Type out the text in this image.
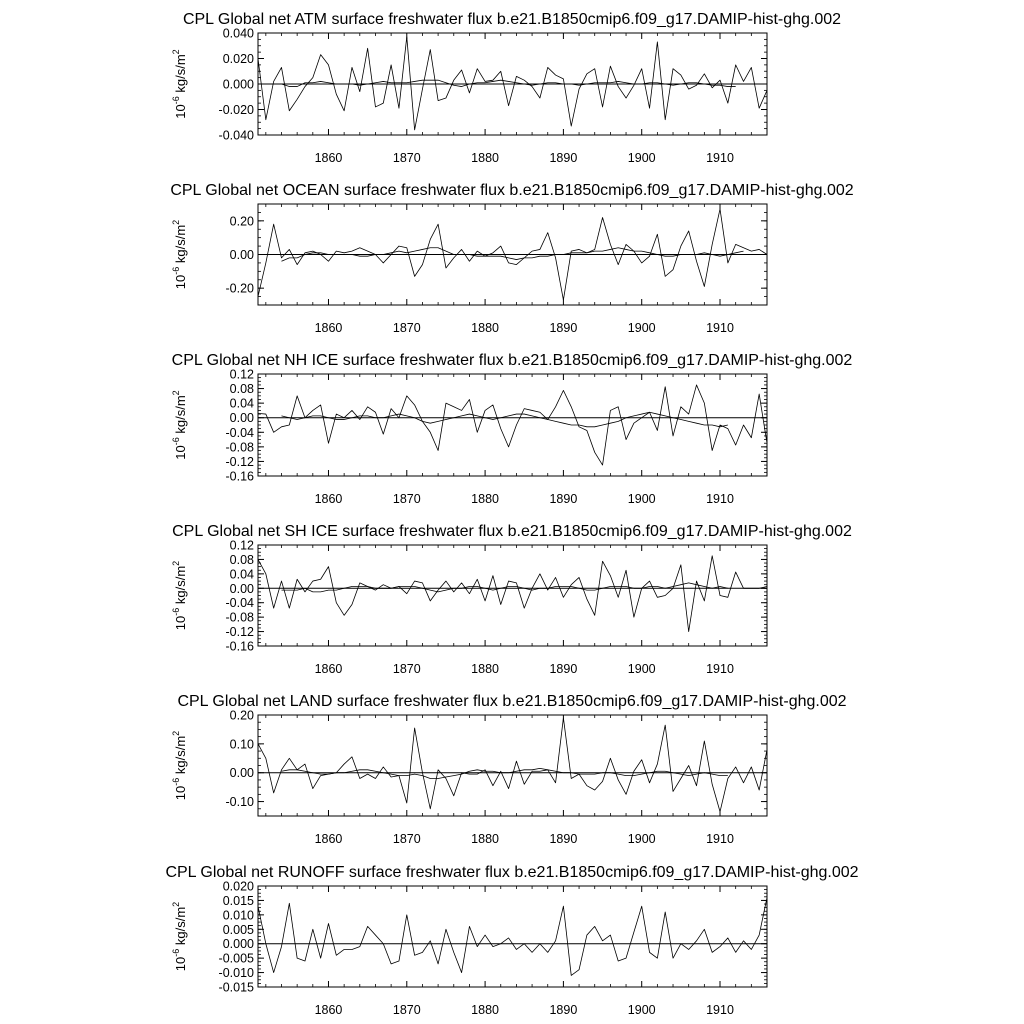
CPL Global net ATM surface freshwater flux b.e21.B1850cmip6.f09_g17.DAMIP-hist-ghg.002
$10^{-6}$ $kg/s/m^2$
-0.040
-0.020
0.000
0.020
0.040
1860	1870	1880	1890	1900	1910
CPL Global net OCEAN surface freshwater flux b.e21.B1850cmip6.f09_g17.DAMIP-hist-ghg.002
$10^{-6}$ $kg/s/m^2$
-0.20
0.00
0.20
1860	1870	1880	1890	1900	1910
CPL Global net NH ICE surface freshwater flux b.e21.B1850cmip6.f09_g17.DAMIP-hist-ghg.002
$10^{-6}$ $kg/s/m^2$
-0.16
-0.12
-0.08
-0.04
0.00
0.04
0.08
0.12
1860	1870	1880	1890	1900	1910
CPL Global net SH ICE surface freshwater flux b.e21.B1850cmip6.f09_g17.DAMIP-hist-ghg.002
$10^{-6}$ $kg/s/m^2$
-0.16
-0.12
-0.08
-0.04
0.00
0.04
0.08
0.12
1860	1870	1880	1890	1900	1910
CPL Global net LAND surface freshwater flux b.e21.B1850cmip6.f09_g17.DAMIP-hist-ghg.002
$10^{-6}$ $kg/s/m^2$
-0.10
0.00
0.10
0.20
1860	1870	1880	1890	1900	1910
CPL Global net RUNOFF surface freshwater flux b.e21.B1850cmip6.f09_g17.DAMIP-hist-ghg.002
$10^{-6}$ $kg/s/m^2$
-0.015
-0.010
-0.005
0.000
0.005
0.010
0.015
0.020
1860	1870	1880	1890	1900	1910
